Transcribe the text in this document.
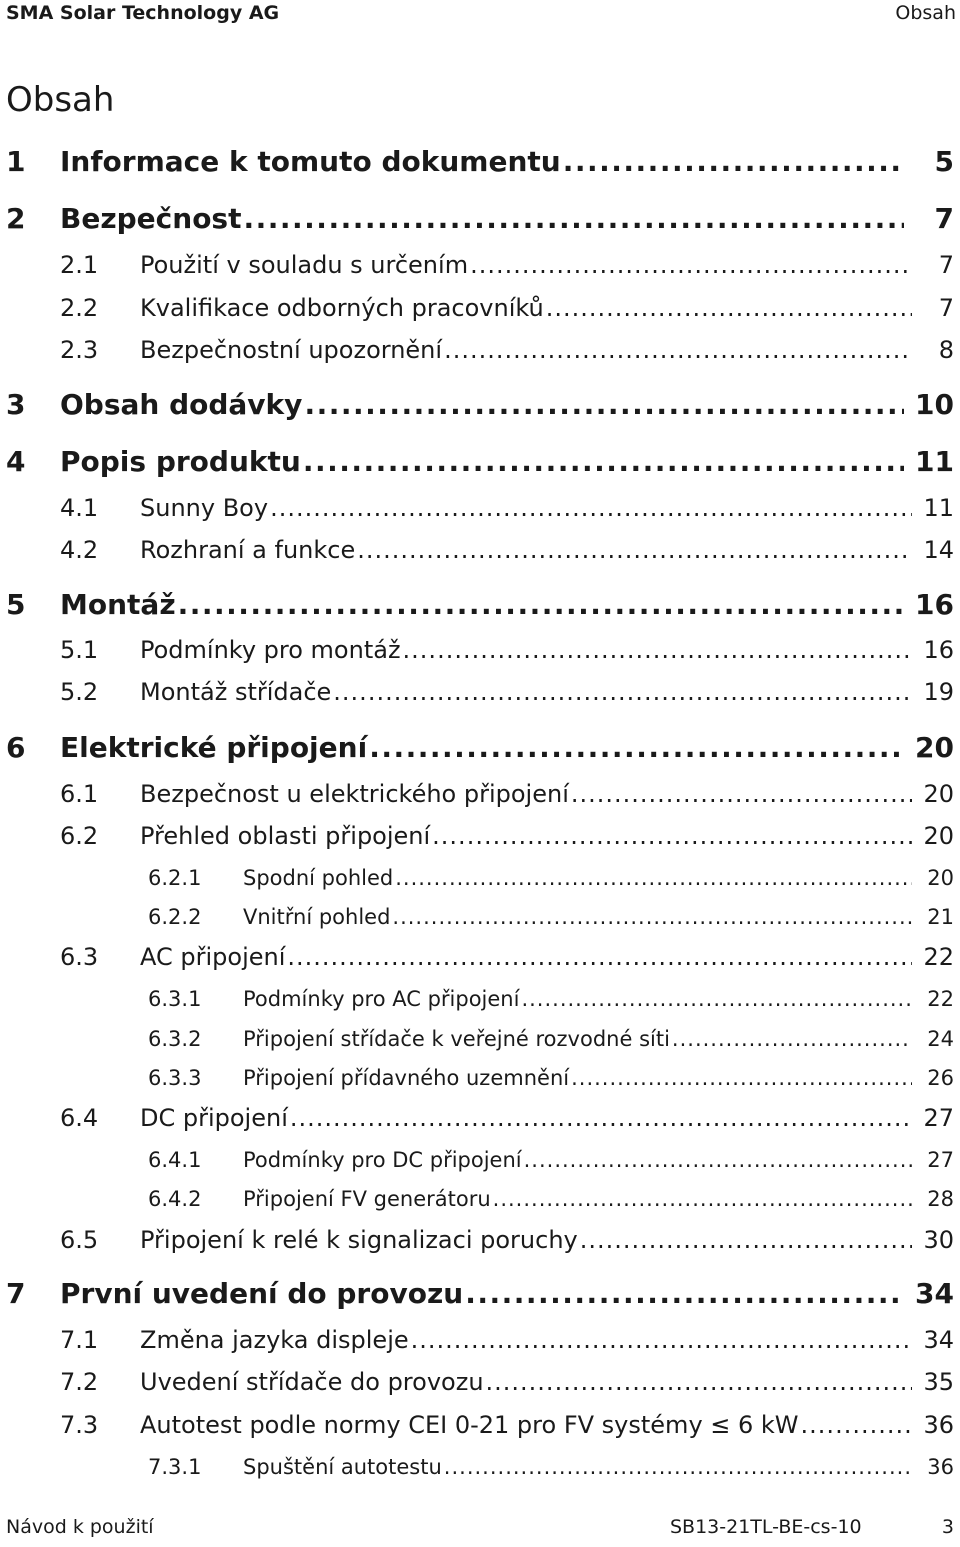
SMA Solar Technology AG	Obsah
Obsah
1 Informace k tomuto dokumentu .....	5
2 Bezpečnost .....	7
2.1 Použití v souladu s určením .....	7
2.2 Kvalifikace odborných pracovníků .....	7
2.3 Bezpečnostní upozornění .....	8
3 Obsah dodávky .....	10
4 Popis produktu .....	11
4.1 Sunny Boy .....	11
4.2 Rozhraní a funkce .....	14
5 Montáž .....	16
5.1 Podmínky pro montáž .....	16
5.2 Montáž střídače .....	19
6 Elektrické připojení .....	20
6.1 Bezpečnost u elektrického připojení .....	20
6.2 Přehled oblasti připojení .....	20
6.2.1 Spodní pohled .....	20
6.2.2 Vnitřní pohled .....	21
6.3 AC připojení .....	22
6.3.1 Podmínky pro AC připojení .....	22
6.3.2 Připojení střídače k veřejné rozvodné síti .....	24
6.3.3 Připojení přídavného uzemnění .....	26
6.4 DC připojení .....	27
6.4.1 Podmínky pro DC připojení .....	27
6.4.2 Připojení FV generátoru .....	28
6.5 Připojení k relé k signalizaci poruchy .....	30
7 První uvedení do provozu .....	34
7.1 Změna jazyka displeje .....	34
7.2 Uvedení střídače do provozu .....	35
7.3 Autotest podle normy CEI 0-21 pro FV systémy ≤ 6 kW .....	36
7.3.1 Spuštění autotestu .....	36
Návod k použití	SB13-21TL-BE-cs-10	3
